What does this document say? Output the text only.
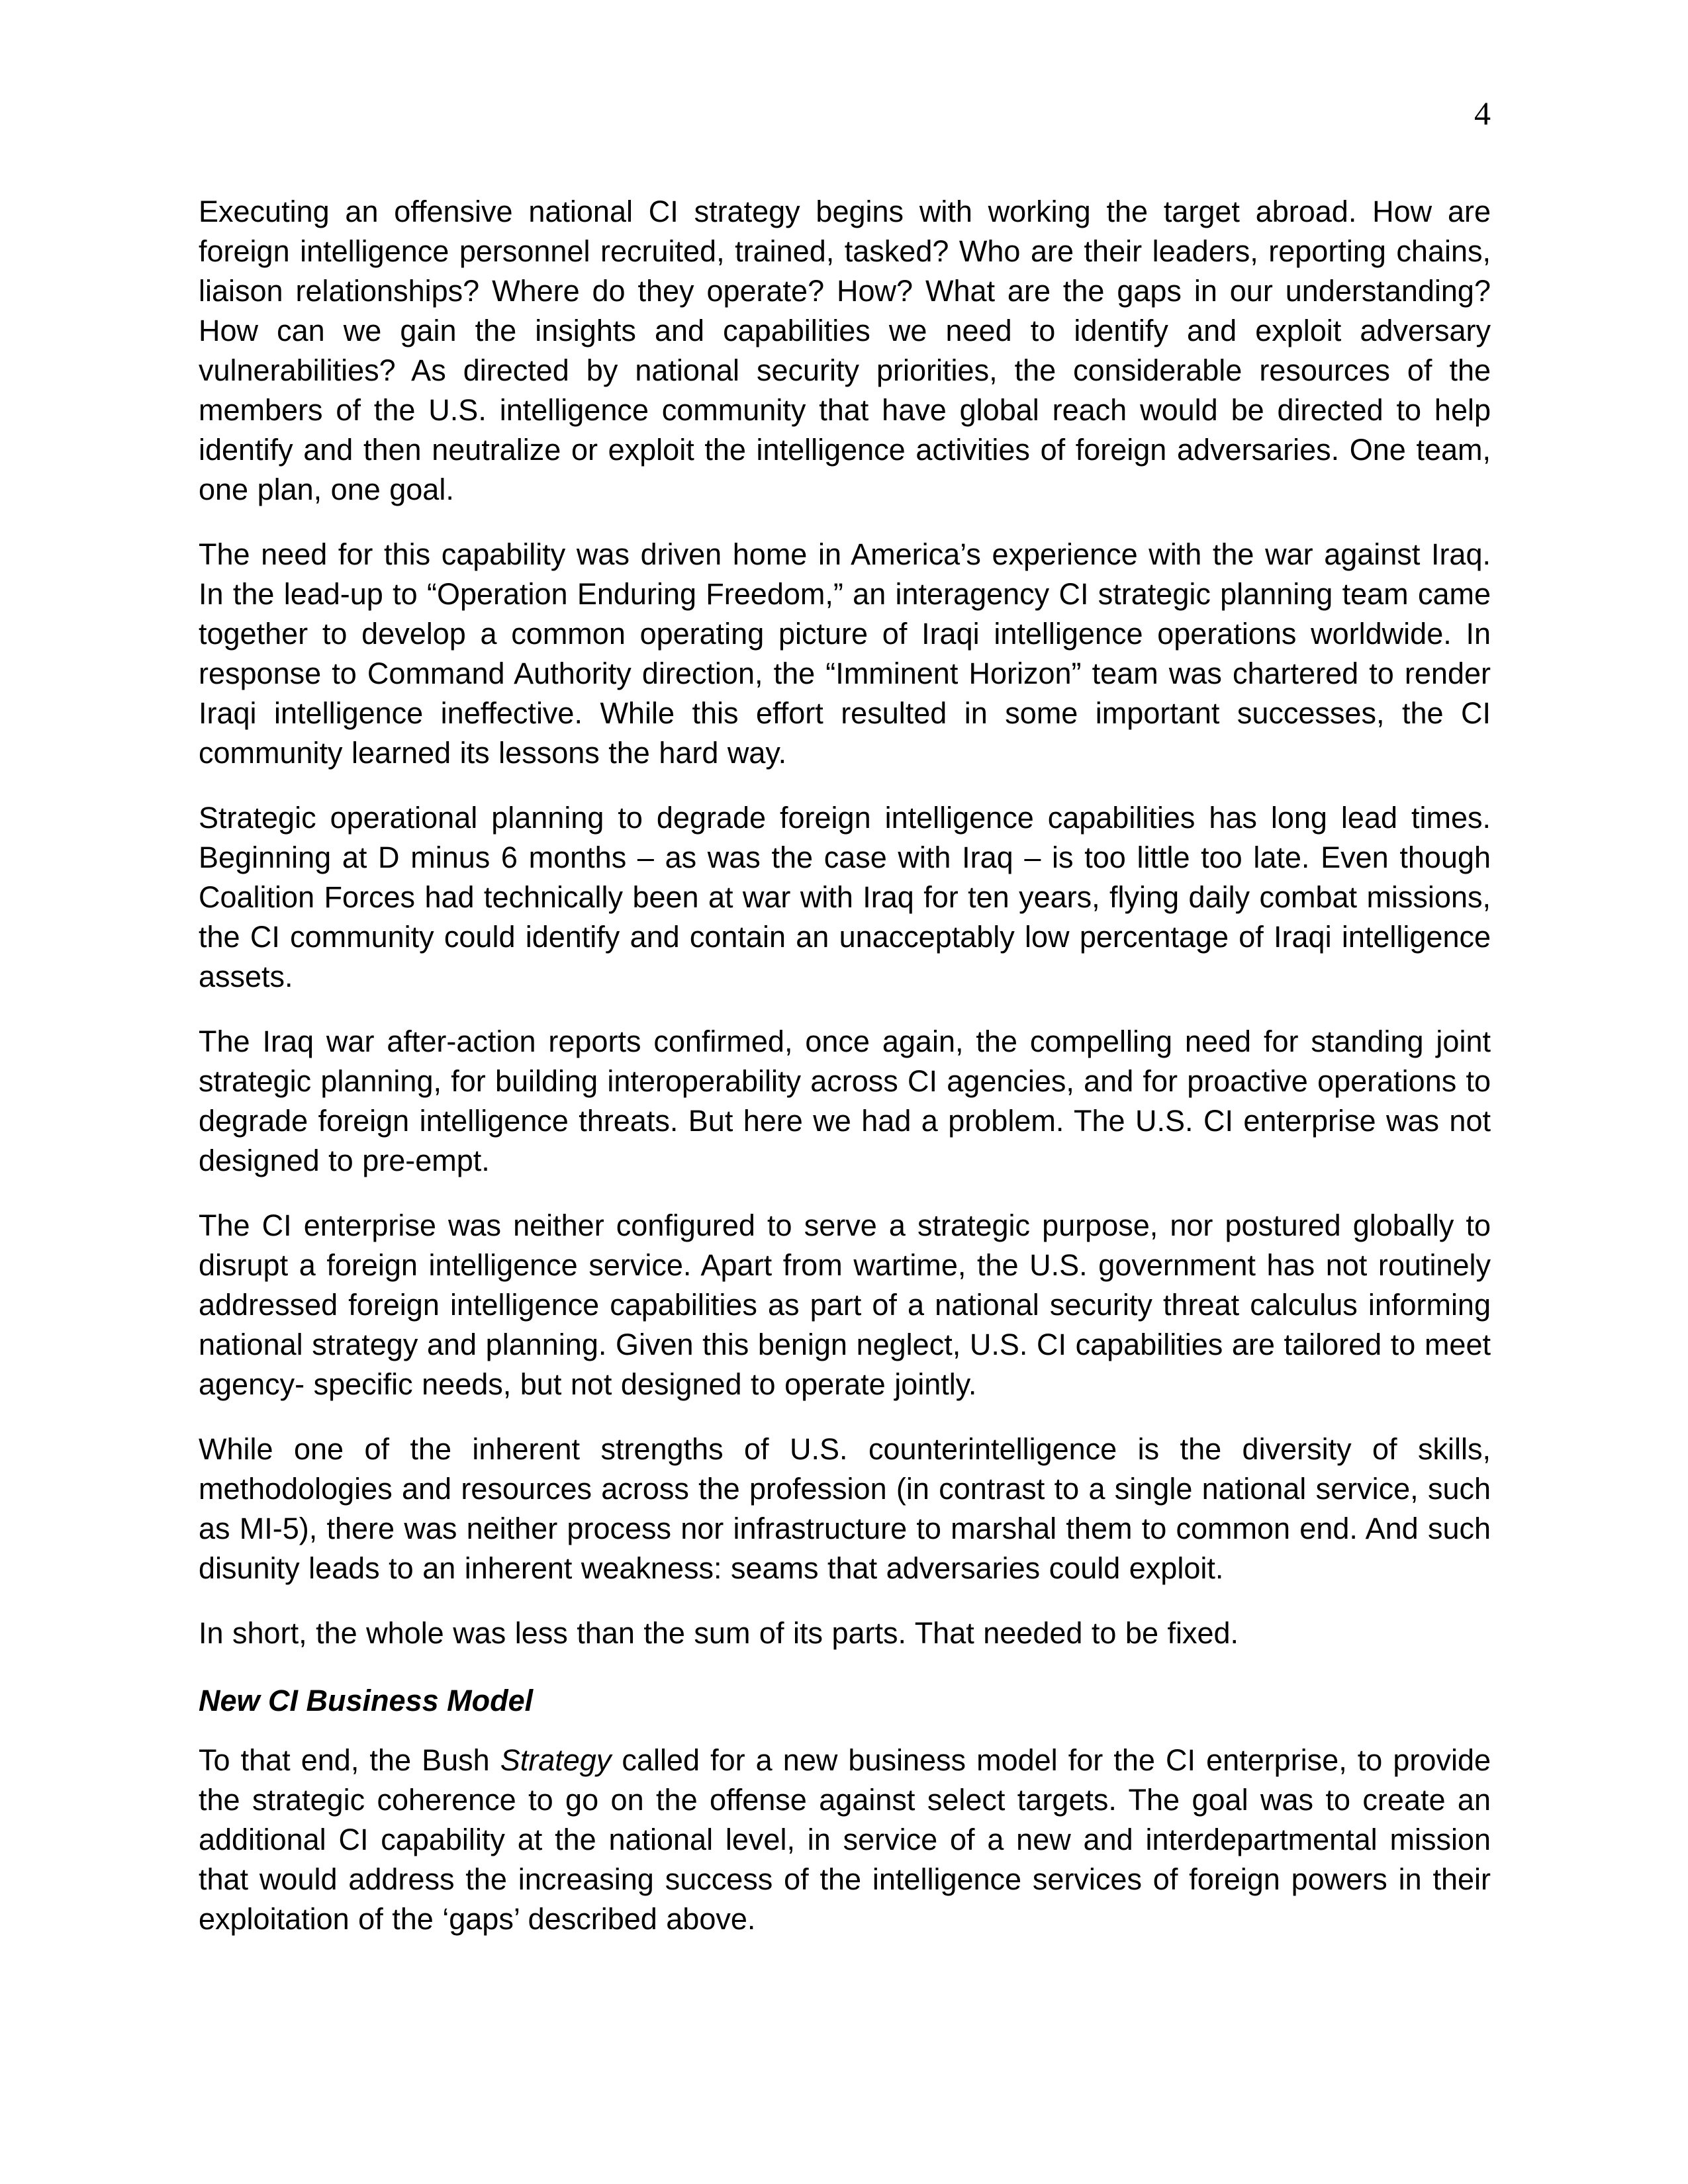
4

Executing an offensive national CI strategy begins with working the target abroad. How are foreign intelligence personnel recruited, trained, tasked? Who are their leaders, reporting chains, liaison relationships? Where do they operate? How? What are the gaps in our understanding? How can we gain the insights and capabilities we need to identify and exploit adversary vulnerabilities? As directed by national security priorities, the considerable resources of the members of the U.S. intelligence community that have global reach would be directed to help identify and then neutralize or exploit the intelligence activities of foreign adversaries. One team, one plan, one goal.

The need for this capability was driven home in America’s experience with the war against Iraq. In the lead-up to “Operation Enduring Freedom,” an interagency CI strategic planning team came together to develop a common operating picture of Iraqi intelligence operations worldwide. In response to Command Authority direction, the “Imminent Horizon” team was chartered to render Iraqi intelligence ineffective. While this effort resulted in some important successes, the CI community learned its lessons the hard way.

Strategic operational planning to degrade foreign intelligence capabilities has long lead times. Beginning at D minus 6 months – as was the case with Iraq – is too little too late. Even though Coalition Forces had technically been at war with Iraq for ten years, flying daily combat missions, the CI community could identify and contain an unacceptably low percentage of Iraqi intelligence assets.

The Iraq war after-action reports confirmed, once again, the compelling need for standing joint strategic planning, for building interoperability across CI agencies, and for proactive operations to degrade foreign intelligence threats. But here we had a problem. The U.S. CI enterprise was not designed to pre-empt.

The CI enterprise was neither configured to serve a strategic purpose, nor postured globally to disrupt a foreign intelligence service. Apart from wartime, the U.S. government has not routinely addressed foreign intelligence capabilities as part of a national security threat calculus informing national strategy and planning. Given this benign neglect, U.S. CI capabilities are tailored to meet agency- specific needs, but not designed to operate jointly.

While one of the inherent strengths of U.S. counterintelligence is the diversity of skills, methodologies and resources across the profession (in contrast to a single national service, such as MI-5), there was neither process nor infrastructure to marshal them to common end. And such disunity leads to an inherent weakness: seams that adversaries could exploit.

In short, the whole was less than the sum of its parts. That needed to be fixed.

New CI Business Model

To that end, the Bush Strategy called for a new business model for the CI enterprise, to provide the strategic coherence to go on the offense against select targets. The goal was to create an additional CI capability at the national level, in service of a new and interdepartmental mission that would address the increasing success of the intelligence services of foreign powers in their exploitation of the ‘gaps’ described above.
